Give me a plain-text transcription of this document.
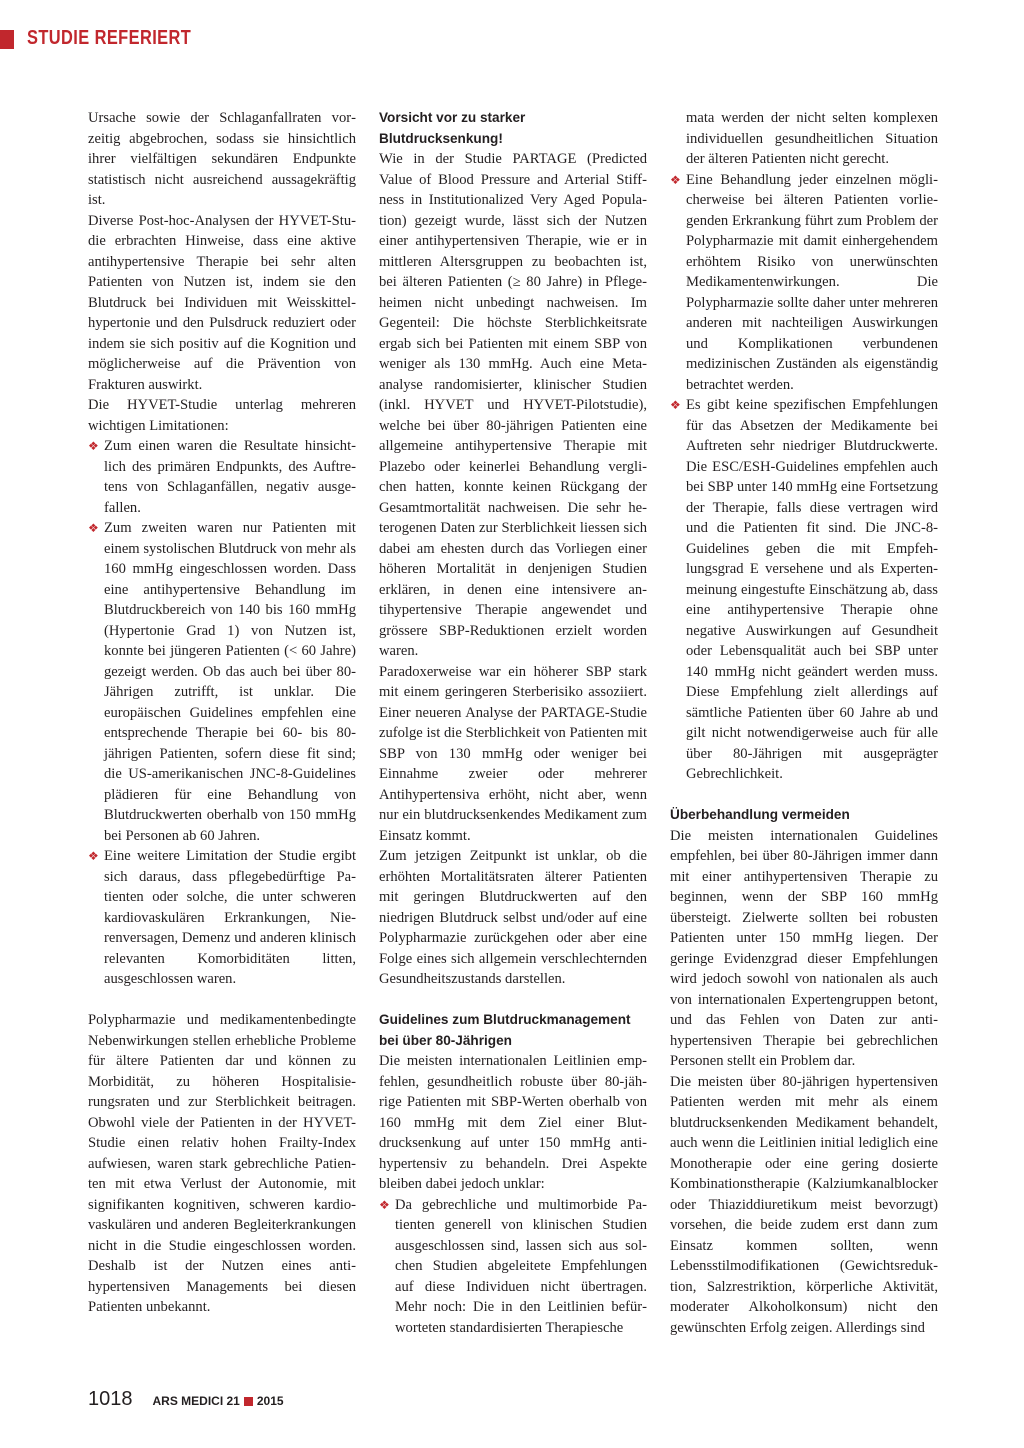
STUDIE REFERIERT

Ursache sowie der Schlaganfallraten vorzeitig abgebrochen, sodass sie hinsichtlich ihrer vielfältigen sekundären Endpunkte statistisch nicht ausreichend aussagekräftig ist.

Diverse Post-hoc-Analysen der HYVET-Studie erbrachten Hinweise, dass eine aktive antihypertensive Therapie bei sehr alten Patienten von Nutzen ist, indem sie den Blutdruck bei Individuen mit Weisskittelhypertonie und den Pulsdruck reduziert oder indem sie sich positiv auf die Kognition und möglicherweise auf die Prävention von Frakturen auswirkt.

Die HYVET-Studie unterlag mehreren wichtigen Limitationen:

❖ Zum einen waren die Resultate hinsichtlich des primären Endpunkts, des Auftretens von Schlaganfällen, negativ ausgefallen.
❖ Zum zweiten waren nur Patienten mit einem systolischen Blutdruck von mehr als 160 mmHg eingeschlossen worden. Dass eine antihypertensive Behandlung im Blutdruckbereich von 140 bis 160 mmHg (Hypertonie Grad 1) von Nutzen ist, konnte bei jüngeren Patienten (< 60 Jahre) gezeigt werden. Ob das auch bei über 80-Jährigen zutrifft, ist unklar. Die europäischen Guidelines empfehlen eine entsprechende Therapie bei 60- bis 80-jährigen Patienten, sofern diese fit sind; die US-amerikanischen JNC-8-Guidelines plädieren für eine Behandlung von Blutdruckwerten oberhalb von 150 mmHg bei Personen ab 60 Jahren.
❖ Eine weitere Limitation der Studie ergibt sich daraus, dass pflegebedürftige Patienten oder solche, die unter schweren kardiovaskulären Erkrankungen, Nierenversagen, Demenz und anderen klinisch relevanten Komorbiditäten litten, ausgeschlossen waren.

Polypharmazie und medikamentenbedingte Nebenwirkungen stellen erhebliche Probleme für ältere Patienten dar und können zu Morbidität, zu höheren Hospitalisierungsraten und zur Sterblichkeit beitragen. Obwohl viele der Patienten in der HYVET-Studie einen relativ hohen Frailty-Index aufwiesen, waren stark gebrechliche Patienten mit etwa Verlust der Autonomie, mit signifikanten kognitiven, schweren kardiovaskulären und anderen Begleiterkrankungen nicht in die Studie eingeschlossen worden. Deshalb ist der Nutzen eines antihypertensiven Managements bei diesen Patienten unbekannt.

Vorsicht vor zu starker Blutdrucksenkung!

Wie in der Studie PARTAGE (Predicted Value of Blood Pressure and Arterial Stiffness in Institutionalized Very Aged Population) gezeigt wurde, lässt sich der Nutzen einer antihypertensiven Therapie, wie er in mittleren Altersgruppen zu beobachten ist, bei älteren Patienten (≥ 80 Jahre) in Pflegeheimen nicht unbedingt nachweisen. Im Gegenteil: Die höchste Sterblichkeitsrate ergab sich bei Patienten mit einem SBP von weniger als 130 mmHg. Auch eine Metaanalyse randomisierter, klinischer Studien (inkl. HYVET und HYVET-Pilotstudie), welche bei über 80-jährigen Patienten eine allgemeine antihypertensive Therapie mit Plazebo oder keinerlei Behandlung verglichen hatten, konnte keinen Rückgang der Gesamtmortalität nachweisen. Die sehr heterogenen Daten zur Sterblichkeit liessen sich dabei am ehesten durch das Vorliegen einer höheren Mortalität in denjenigen Studien erklären, in denen eine intensivere antihypertensive Therapie angewendet und grössere SBP-Reduktionen erzielt worden waren.

Paradoxerweise war ein höherer SBP stark mit einem geringeren Sterberisiko assoziiert. Einer neueren Analyse der PARTAGE-Studie zufolge ist die Sterblichkeit von Patienten mit SBP von 130 mmHg oder weniger bei Einnahme zweier oder mehrerer Antihypertensiva erhöht, nicht aber, wenn nur ein blutdrucksenkendes Medikament zum Einsatz kommt.

Zum jetzigen Zeitpunkt ist unklar, ob die erhöhten Mortalitätsraten älterer Patienten mit geringen Blutdruckwerten auf den niedrigen Blutdruck selbst und/oder auf eine Polypharmazie zurückgehen oder aber eine Folge eines sich allgemein verschlechternden Gesundheitszustands darstellen.

Guidelines zum Blutdruckmanagement bei über 80-Jährigen

Die meisten internationalen Leitlinien empfehlen, gesundheitlich robuste über 80-jährige Patienten mit SBP-Werten oberhalb von 160 mmHg mit dem Ziel einer Blutdrucksenkung auf unter 150 mmHg antihypertensiv zu behandeln. Drei Aspekte bleiben dabei jedoch unklar:

❖ Da gebrechliche und multimorbide Patienten generell von klinischen Studien ausgeschlossen sind, lassen sich aus solchen Studien abgeleitete Empfehlungen auf diese Individuen nicht übertragen. Mehr noch: Die in den Leitlinien befürworteten standardisierten Therapiesche
mata werden der nicht selten komplexen individuellen gesundheitlichen Situation der älteren Patienten nicht gerecht.
❖ Eine Behandlung jeder einzelnen möglicherweise bei älteren Patienten vorliegenden Erkrankung führt zum Problem der Polypharmazie mit damit einhergehendem erhöhtem Risiko von unerwünschten Medikamentenwirkungen. Die Polypharmazie sollte daher unter mehreren anderen mit nachteiligen Auswirkungen und Komplikationen verbundenen medizinischen Zuständen als eigenständig betrachtet werden.
❖ Es gibt keine spezifischen Empfehlungen für das Absetzen der Medikamente bei Auftreten sehr niedriger Blutdruckwerte. Die ESC/ESH-Guidelines empfehlen auch bei SBP unter 140 mmHg eine Fortsetzung der Therapie, falls diese vertragen wird und die Patienten fit sind. Die JNC-8-Guidelines geben die mit Empfehlungsgrad E versehene und als Expertenmeinung eingestufte Einschätzung ab, dass eine antihypertensive Therapie ohne negative Auswirkungen auf Gesundheit oder Lebensqualität auch bei SBP unter 140 mmHg nicht geändert werden muss. Diese Empfehlung zielt allerdings auf sämtliche Patienten über 60 Jahre ab und gilt nicht notwendigerweise auch für alle über 80-Jährigen mit ausgeprägter Gebrechlichkeit.
Überbehandlung vermeiden

Die meisten internationalen Guidelines empfehlen, bei über 80-Jährigen immer dann mit einer antihypertensiven Therapie zu beginnen, wenn der SBP 160 mmHg übersteigt. Zielwerte sollten bei robusten Patienten unter 150 mmHg liegen. Der geringe Evidenzgrad dieser Empfehlungen wird jedoch sowohl von nationalen als auch von internationalen Expertengruppen betont, und das Fehlen von Daten zur antihypertensiven Therapie bei gebrechlichen Personen stellt ein Problem dar.

Die meisten über 80-jährigen hypertensiven Patienten werden mit mehr als einem blutdrucksenkenden Medikament behandelt, auch wenn die Leitlinien initial lediglich eine Monotherapie oder eine gering dosierte Kombinationstherapie (Kalziumkanalblocker oder Thiaziddiuretikum meist bevorzugt) vorsehen, die beide zudem erst dann zum Einsatz kommen sollten, wenn Lebensstilmodifikationen (Gewichtsreduktion, Salzrestriktion, körperliche Aktivität, moderater Alkoholkonsum) nicht den gewünschten Erfolg zeigen. Allerdings sind

1018 ARS MEDICI 21 2015
